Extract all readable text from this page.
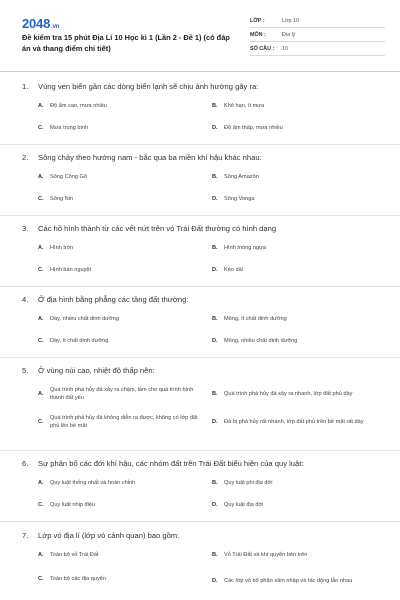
2048.vn
Đề kiểm tra 15 phút Địa Lí 10 Học kì 1 (Lần 2 - Đề 1) (có đáp án và thang điểm chi tiết)
LỚP :	Lớp 10
MÔN :	Địa lý
SỐ CÂU :	10
1. Vùng ven biển gần các dòng biển lạnh sẽ chịu ảnh hưởng gây ra:
A.	Độ ẩm cao, mưa nhiều	B.	Khô hạn, ít mưa
C.	Mưa trung bình	D.	Độ ẩm thấp, mưa nhiều
2. Sông chảy theo hướng nam - bắc qua ba miền khí hậu khác nhau:
A.	Sông Công Gô	B.	Sông Amazôn
C.	Sông Nin	D.	Sông Vonga
3. Các hồ hình thành từ các vết nứt trên vỏ Trái Đất thường có hình dạng
A.	Hình tròn	B.	Hình móng ngựa
C.	Hình bán nguyệt	D.	Kéo dài
4. Ở địa hình bằng phẳng các tầng đất thường:
A.	Dày, nhiều chất dinh dưỡng	B.	Mỏng, ít chất dinh dưỡng
C.	Dày, ít chất dinh dưỡng	D.	Mỏng, nhiều chất dinh dưỡng
5. Ở vùng núi cao, nhiệt độ thấp nên:
A.
Quá trình phá hủy đá xảy ra chậm, làm cho quá trình hình thành đất yếu
B.	Quá trình phá hủy đá xảy ra nhanh, lớp đất phủ dày
C.
Quá trình phá hủy đá không diễn ra được, không có lớp đất phủ lên bề mặt
D.	Đá bị phá hủy rất nhanh, lớp đất phủ trên bề mặt rất dày
6. Sự phân bố các đới khí hậu, các nhóm đất trên Trái Đất biểu hiện của quy luật:
A.	Quy luật thống nhất và hoàn chỉnh	B.	Quy luật phi địa đới
C.	Quy luật nhịp điệu	D.	Quy luật địa đới
7. Lớp vỏ địa lí (lớp vỏ cảnh quan) bao gồm:
A.	Toàn bộ vỏ Trái Đất	B.	Vỏ Trái Đất và khí quyển bên trên
C.	Toàn bộ các địa quyển	D.	Các lớp vỏ bộ phận xâm nhập và tác động lẫn nhau
